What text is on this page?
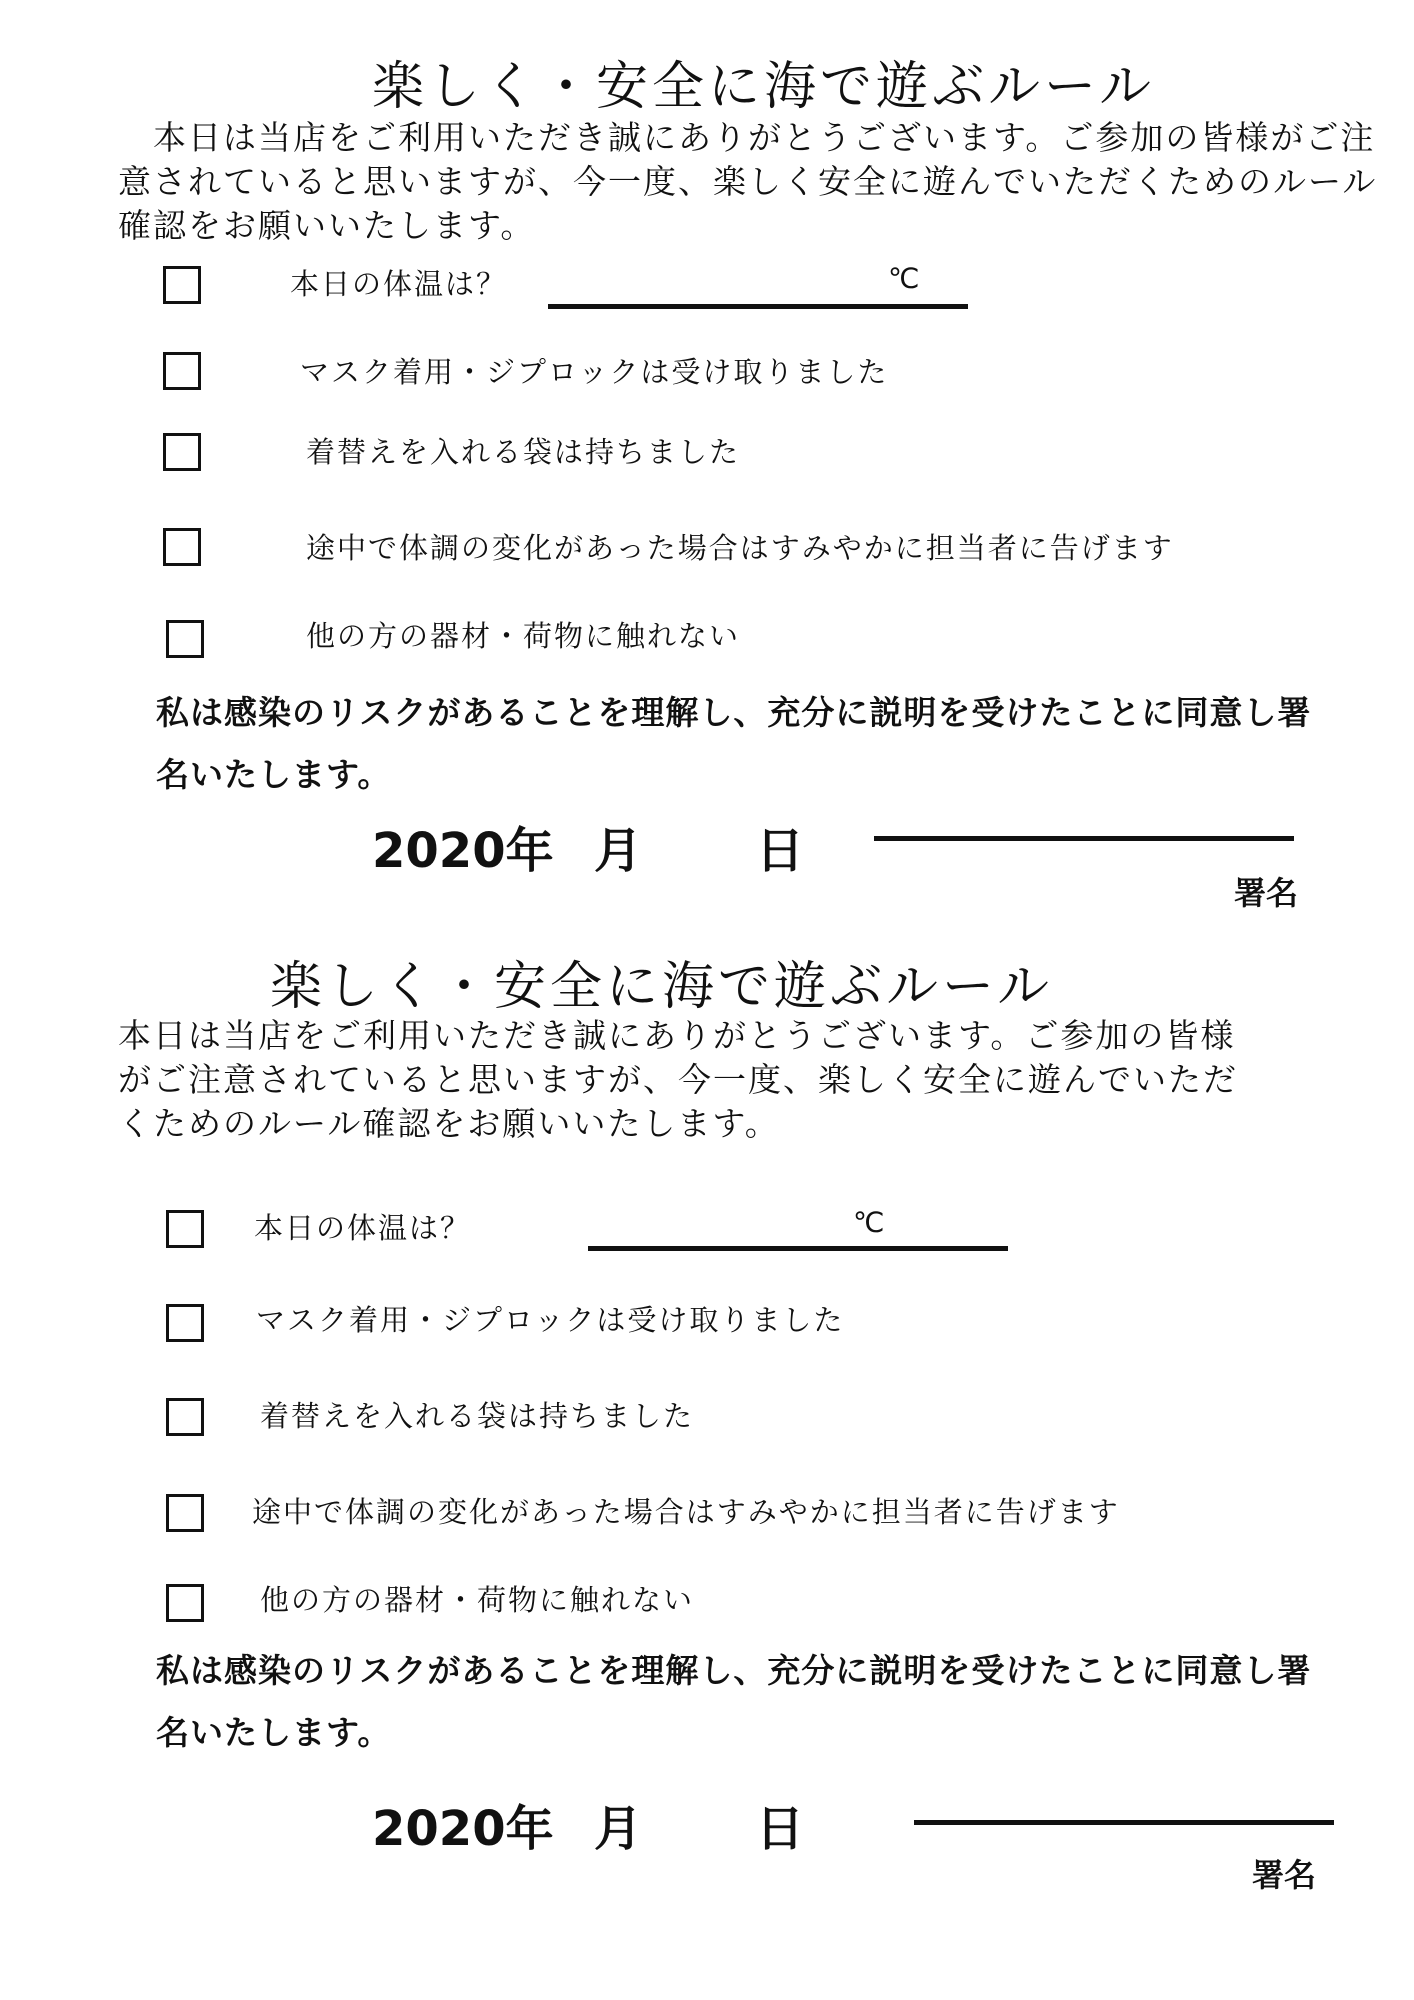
楽しく・安全に海で遊ぶルール
　本日は当店をご利用いただき誠にありがとうございます。ご参加の皆様がご注意されていると思いますが、今一度、楽しく安全に遊んでいただくためのルール確認をお願いいたします。
本日の体温は？	℃
マスク着用・ジプロックは受け取りました
着替えを入れる袋は持ちました
途中で体調の変化があった場合はすみやかに担当者に告げます
他の方の器材・荷物に触れない
私は感染のリスクがあることを理解し、充分に説明を受けたことに同意し署名いたします。
2020年 月 日
署名
楽しく・安全に海で遊ぶルール
本日は当店をご利用いただき誠にありがとうございます。ご参加の皆様がご注意されていると思いますが、今一度、楽しく安全に遊んでいただくためのルール確認をお願いいたします。
本日の体温は？	℃
マスク着用・ジプロックは受け取りました
着替えを入れる袋は持ちました
途中で体調の変化があった場合はすみやかに担当者に告げます
他の方の器材・荷物に触れない
私は感染のリスクがあることを理解し、充分に説明を受けたことに同意し署名いたします。
2020年 月 日
署名
